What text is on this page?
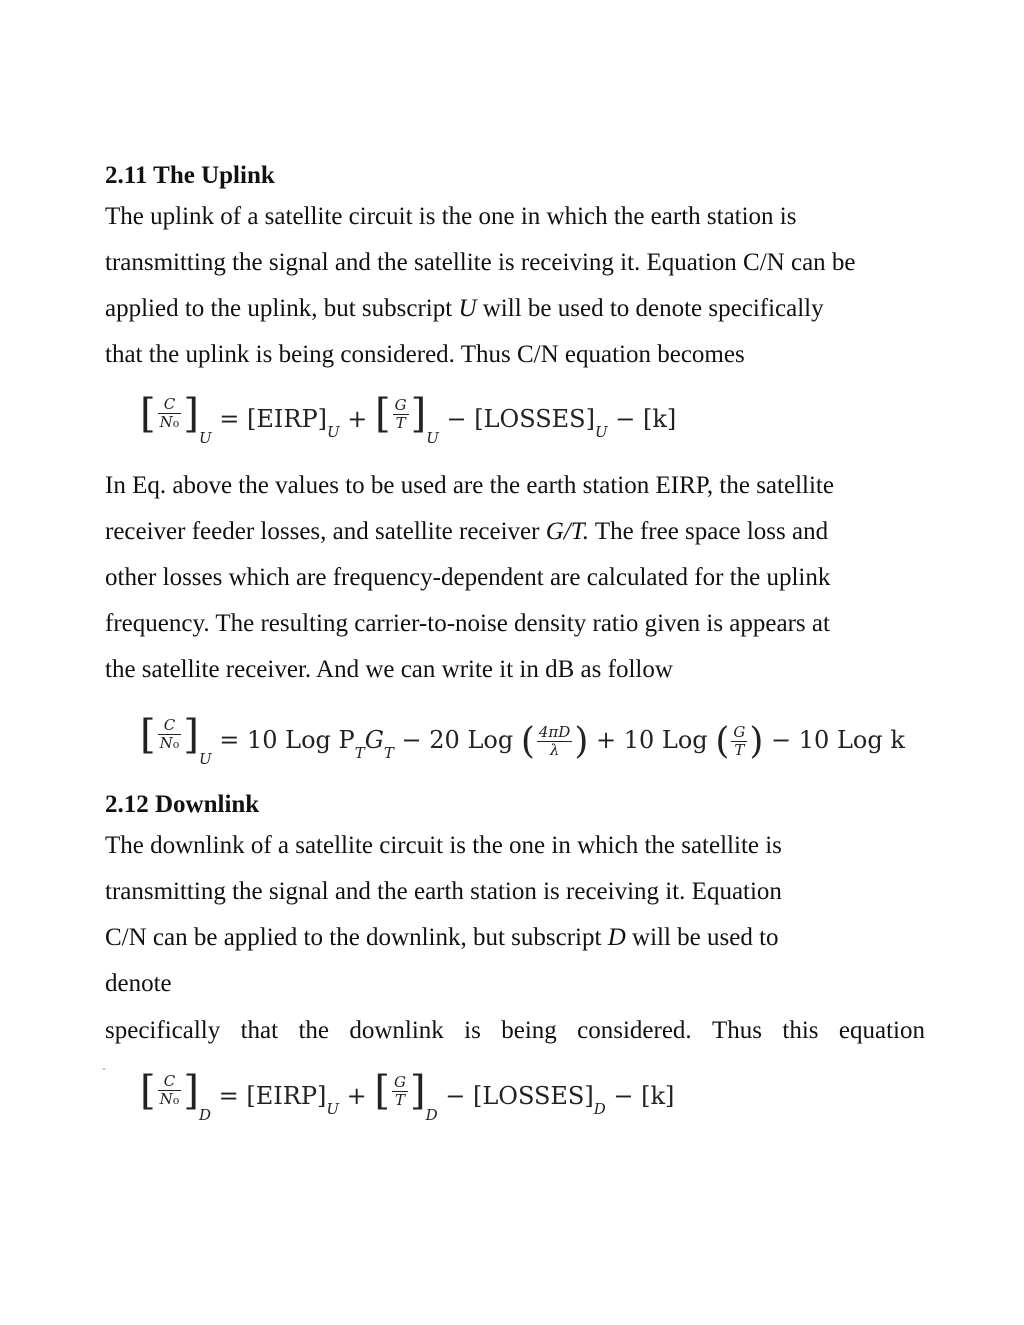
2.11 The Uplink
The uplink of a satellite circuit is the one in which the earth station is
transmitting the signal and the satellite is receiving it. Equation C/N can be
applied to the uplink, but subscript U will be used to denote specifically
that the uplink is being considered. Thus C/N equation becomes
[ $\frac{C}{No}$ ]
$_U = [EIRP]_U$ + [ $\frac{G}{T}$ ]
$_U - [LOSSES]_U - [k]$
In Eq. above the values to be used are the earth station EIRP, the satellite
receiver feeder losses, and satellite receiver G/T. The free space loss and
other losses which are frequency-dependent are calculated for the uplink
frequency. The resulting carrier-to-noise density ratio given is appears at
the satellite receiver. And we can write it in dB as follow
[ $\frac{C}{No}$ ]
$_U$ = 10 Log $P_TG_T - 20$ Log ( $\frac{4\pi D}{\lambda}$ ) + 10 Log ( $\frac{G}{T}$ ) − 10 Log k
2.12 Downlink
The downlink of a satellite circuit is the one in which the satellite is
transmitting the signal and the earth station is receiving it. Equation
C/N can be applied to the downlink, but subscript D will be used to
denote
specifically that the downlink is being considered. Thus this equation
[ $\frac{C}{No}$ ]
$_D = [EIRP]_U$ + [ $\frac{G}{T}$ ]
$_D - [LOSSES]_D - [k]$
